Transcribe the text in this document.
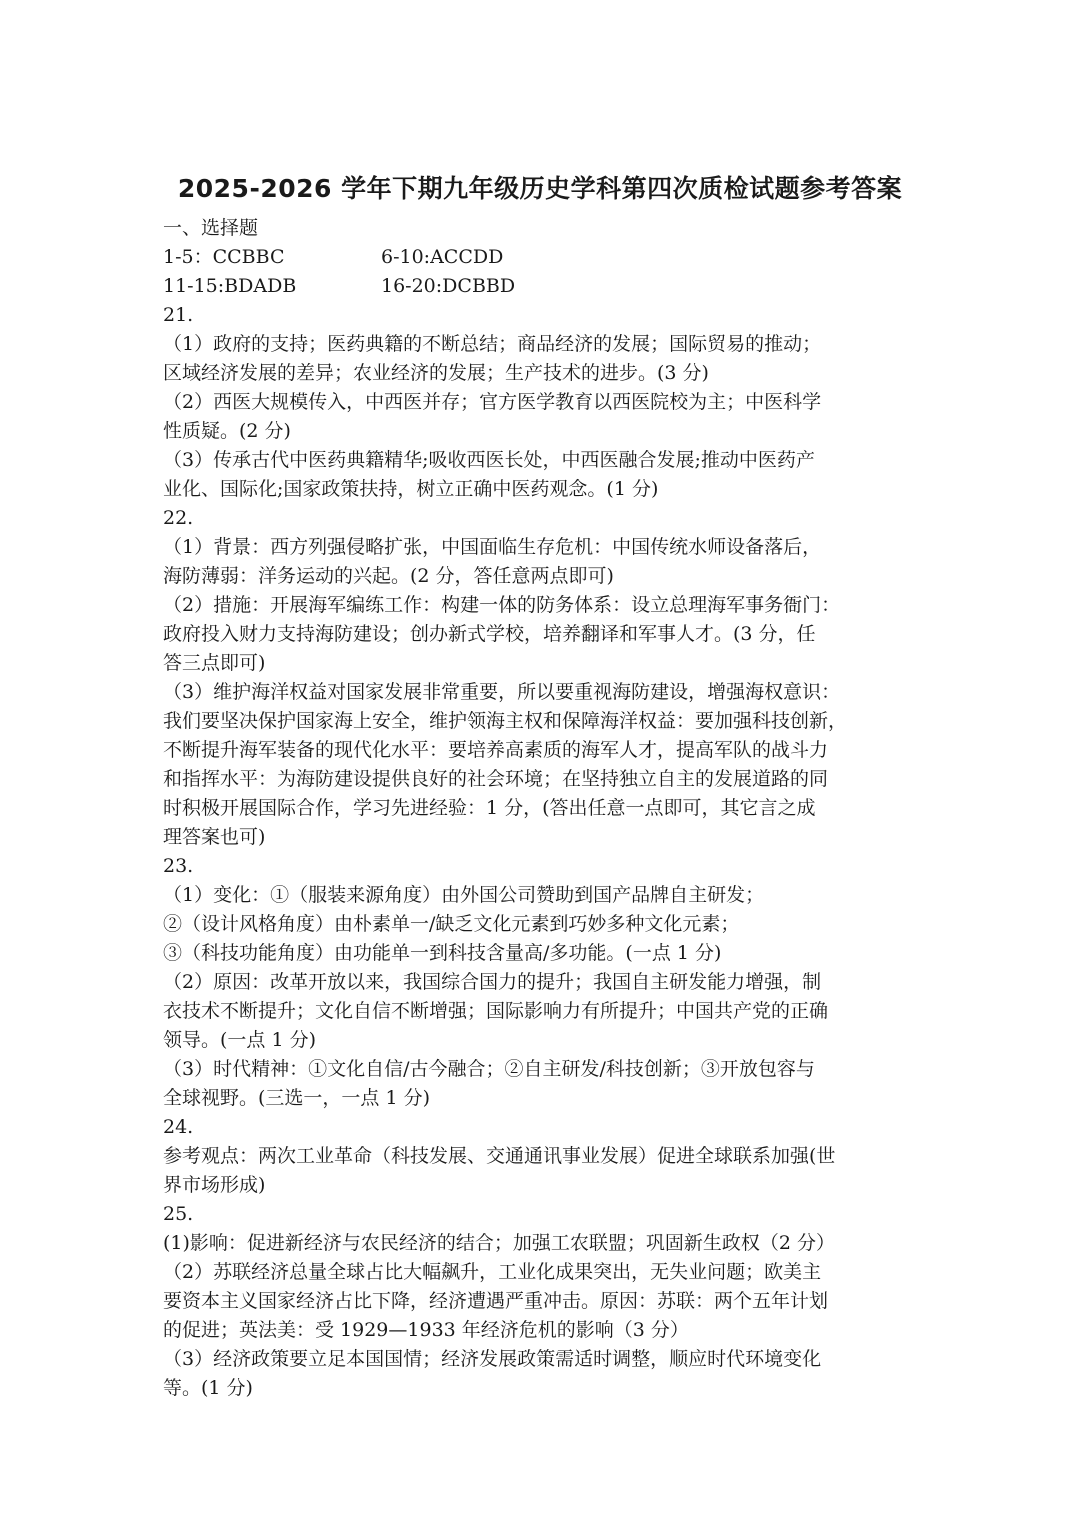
2025-2026 学年下期九年级历史学科第四次质检试题参考答案
一、选择题
1-5：CCBBC	6-10:ACCDD
11-15:BDADB	16-20:DCBBD
21.
（1）政府的支持；医药典籍的不断总结；商品经济的发展；国际贸易的推动；
区域经济发展的差异；农业经济的发展；生产技术的进步。(3 分)
（2）西医大规模传入，中西医并存；官方医学教育以西医院校为主；中医科学
性质疑。(2 分)
（3）传承古代中医药典籍精华;吸收西医长处，中西医融合发展;推动中医药产
业化、国际化;国家政策扶持，树立正确中医药观念。(1 分)
22.
（1）背景：西方列强侵略扩张，中国面临生存危机：中国传统水师设备落后，
海防薄弱：洋务运动的兴起。(2 分，答任意两点即可)
（2）措施：开展海军编练工作：构建一体的防务体系：设立总理海军事务衙门：
政府投入财力支持海防建设；创办新式学校，培养翻译和军事人才。(3 分，任
答三点即可)
（3）维护海洋权益对国家发展非常重要，所以要重视海防建设，增强海权意识：
我们要坚决保护国家海上安全，维护领海主权和保障海洋权益：要加强科技创新，
不断提升海军装备的现代化水平：要培养高素质的海军人才，提高军队的战斗力
和指挥水平：为海防建设提供良好的社会环境；在坚持独立自主的发展道路的同
时积极开展国际合作，学习先进经验：1 分，(答出任意一点即可，其它言之成
理答案也可)
23.
（1）变化：①（服装来源角度）由外国公司赞助到国产品牌自主研发；
②（设计风格角度）由朴素单一/缺乏文化元素到巧妙多种文化元素；
③（科技功能角度）由功能单一到科技含量高/多功能。(一点 1 分)
（2）原因：改革开放以来，我国综合国力的提升；我国自主研发能力增强，制
衣技术不断提升；文化自信不断增强；国际影响力有所提升；中国共产党的正确
领导。(一点 1 分)
（3）时代精神：①文化自信/古今融合；②自主研发/科技创新；③开放包容与
全球视野。(三选一，一点 1 分)
24.
参考观点：两次工业革命（科技发展、交通通讯事业发展）促进全球联系加强(世
界市场形成)
25.
(1)影响：促进新经济与农民经济的结合；加强工农联盟；巩固新生政权（2 分）
（2）苏联经济总量全球占比大幅飙升，工业化成果突出，无失业问题；欧美主
要资本主义国家经济占比下降，经济遭遇严重冲击。原因：苏联：两个五年计划
的促进；英法美：受 1929—1933 年经济危机的影响（3 分）
（3）经济政策要立足本国国情；经济发展政策需适时调整，顺应时代环境变化
等。(1 分)
